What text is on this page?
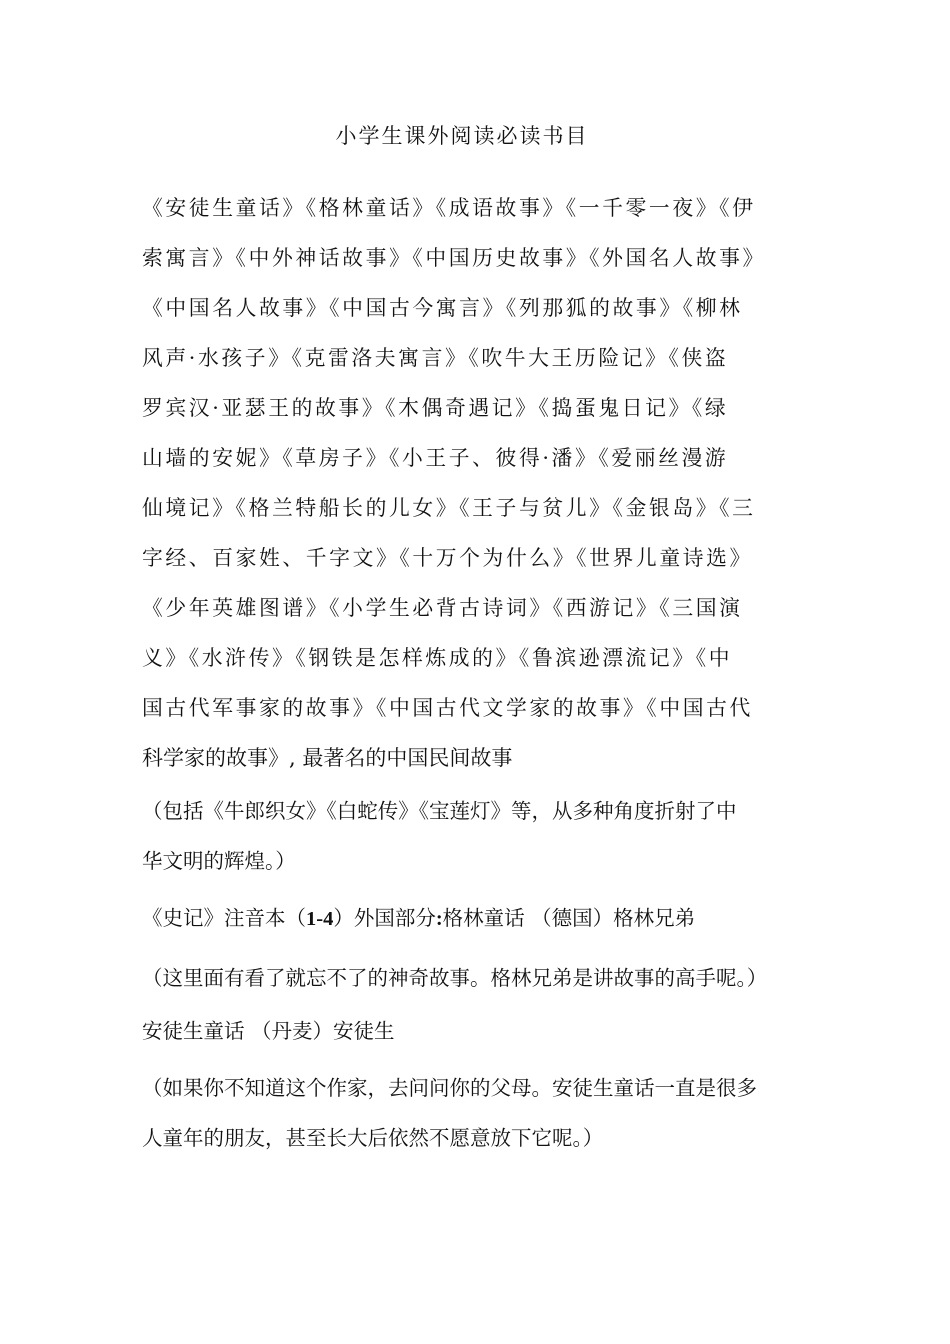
小学生课外阅读必读书目
《安徒生童话》《格林童话》《成语故事》《一千零一夜》《伊
索寓言》《中外神话故事》《中国历史故事》《外国名人故事》
《中国名人故事》《中国古今寓言》《列那狐的故事》《柳林
风声·水孩子》《克雷洛夫寓言》《吹牛大王历险记》《侠盗
罗宾汉·亚瑟王的故事》《木偶奇遇记》《捣蛋鬼日记》《绿
山墙的安妮》《草房子》《小王子、彼得·潘》《爱丽丝漫游
仙境记》《格兰特船长的儿女》《王子与贫儿》《金银岛》《三
字经、百家姓、千字文》《十万个为什么》《世界儿童诗选》
《少年英雄图谱》《小学生必背古诗词》《西游记》《三国演
义》《水浒传》《钢铁是怎样炼成的》《鲁滨逊漂流记》《中
国古代军事家的故事》《中国古代文学家的故事》《中国古代
科学家的故事》, 最著名的中国民间故事
（包括《牛郎织女》《白蛇传》《宝莲灯》等，从多种角度折射了中
华文明的辉煌。）
《史记》注音本（1-4）外国部分:格林童话 （德国）格林兄弟
（这里面有看了就忘不了的神奇故事。格林兄弟是讲故事的高手呢。）
安徒生童话 （丹麦）安徒生
（如果你不知道这个作家，去问问你的父母。安徒生童话一直是很多
人童年的朋友，甚至长大后依然不愿意放下它呢。）
